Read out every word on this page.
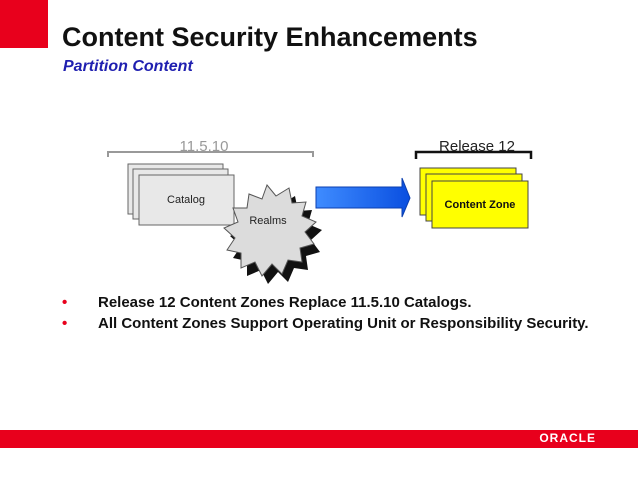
Content Security Enhancements
Partition Content
11.5.10	Release 12
Catalog
Realms
Content Zone
•	Release 12 Content Zones Replace 11.5.10 Catalogs.
•	All Content Zones Support Operating Unit or Responsibility Security.
ORACLE
